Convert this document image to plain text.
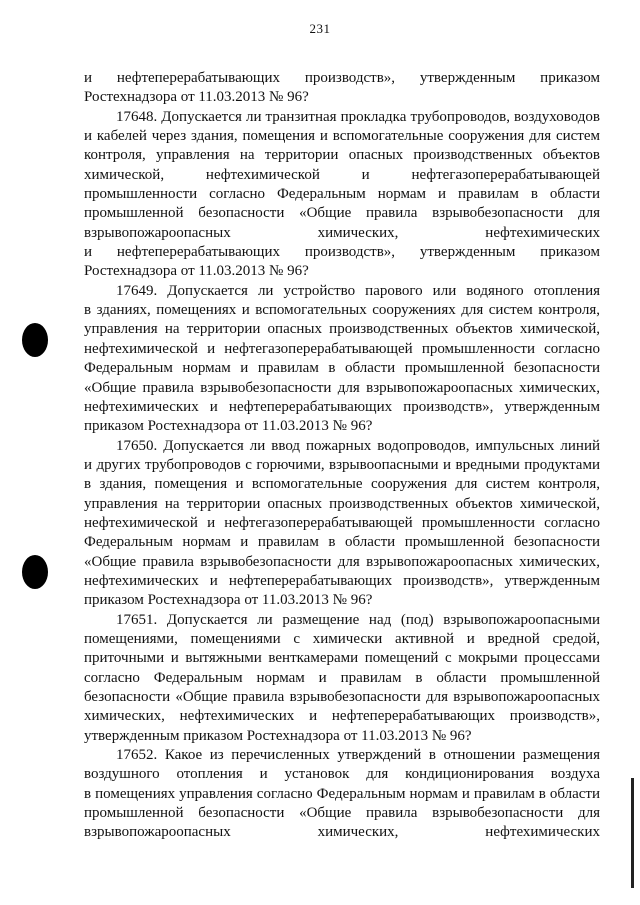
231
и нефтеперерабатывающих производств», утвержденным приказом
Ростехнадзора от 11.03.2013 № 96?
17648. Допускается ли транзитная прокладка трубопроводов, воздуховодов
и кабелей через здания, помещения и вспомогательные сооружения для систем
контроля, управления на территории опасных производственных объектов
химической, нефтехимической и нефтегазоперерабатывающей
промышленности согласно Федеральным нормам и правилам в области
промышленной безопасности «Общие правила взрывобезопасности для
взрывопожароопасных химических, нефтехимических
и нефтеперерабатывающих производств», утвержденным приказом
Ростехнадзора от 11.03.2013 № 96?
17649. Допускается ли устройство парового или водяного отопления
в зданиях, помещениях и вспомогательных сооружениях для систем контроля,
управления на территории опасных производственных объектов химической,
нефтехимической и нефтегазоперерабатывающей промышленности согласно
Федеральным нормам и правилам в области промышленной безопасности
«Общие правила взрывобезопасности для взрывопожароопасных химических,
нефтехимических и нефтеперерабатывающих производств», утвержденным
приказом Ростехнадзора от 11.03.2013 № 96?
17650. Допускается ли ввод пожарных водопроводов, импульсных линий
и других трубопроводов с горючими, взрывоопасными и вредными продуктами
в здания, помещения и вспомогательные сооружения для систем контроля,
управления на территории опасных производственных объектов химической,
нефтехимической и нефтегазоперерабатывающей промышленности согласно
Федеральным нормам и правилам в области промышленной безопасности
«Общие правила взрывобезопасности для взрывопожароопасных химических,
нефтехимических и нефтеперерабатывающих производств», утвержденным
приказом Ростехнадзора от 11.03.2013 № 96?
17651. Допускается ли размещение над (под) взрывопожароопасными
помещениями, помещениями с химически активной и вредной средой,
приточными и вытяжными венткамерами помещений с мокрыми процессами
согласно Федеральным нормам и правилам в области промышленной
безопасности «Общие правила взрывобезопасности для взрывопожароопасных
химических, нефтехимических и нефтеперерабатывающих производств»,
утвержденным приказом Ростехнадзора от 11.03.2013 № 96?
17652. Какое из перечисленных утверждений в отношении размещения
воздушного отопления и установок для кондиционирования воздуха
в помещениях управления согласно Федеральным нормам и правилам в области
промышленной безопасности «Общие правила взрывобезопасности для
взрывопожароопасных химических, нефтехимических
